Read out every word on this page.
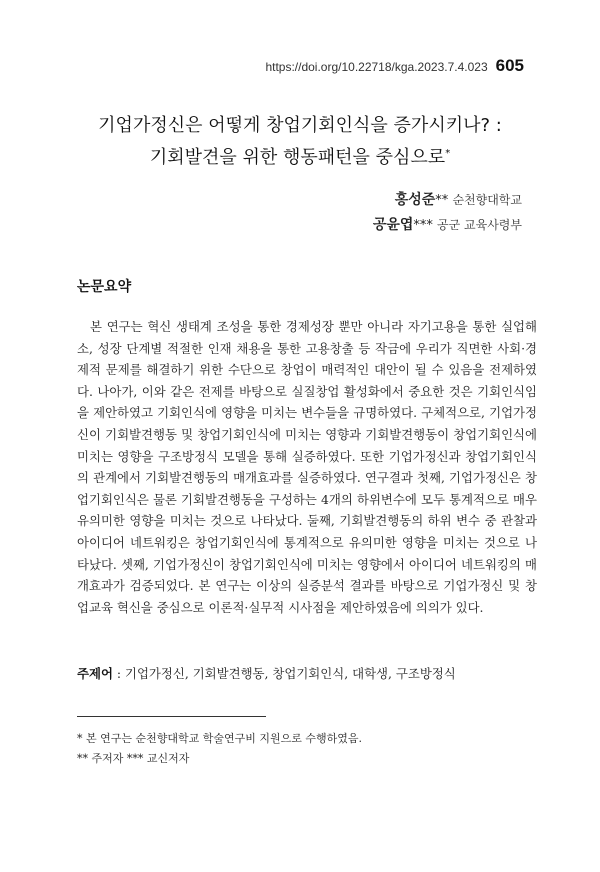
https://doi.org/10.22718/kga.2023.7.4.023 605
기업가정신은 어떻게 창업기회인식을 증가시키나? :
기회발견을 위한 행동패턴을 중심으로*
홍성준** 순천향대학교
공윤엽*** 공군 교육사령부
논문요약
본 연구는 혁신 생태계 조성을 통한 경제성장 뿐만 아니라 자기고용을 통한 실업해소, 성장 단계별 적절한 인재 채용을 통한 고용창출 등 작금에 우리가 직면한 사회·경제적 문제를 해결하기 위한 수단으로 창업이 매력적인 대안이 될 수 있음을 전제하였다. 나아가, 이와 같은 전제를 바탕으로 실질창업 활성화에서 중요한 것은 기회인식임을 제안하였고 기회인식에 영향을 미치는 변수들을 규명하였다. 구체적으로, 기업가정신이 기회발견행동 및 창업기회인식에 미치는 영향과 기회발견행동이 창업기회인식에 미치는 영향을 구조방정식 모델을 통해 실증하였다. 또한 기업가정신과 창업기회인식의 관계에서 기회발견행동의 매개효과를 실증하였다. 연구결과 첫째, 기업가정신은 창업기회인식은 물론 기회발견행동을 구성하는 4개의 하위변수에 모두 통계적으로 매우 유의미한 영향을 미치는 것으로 나타났다. 둘째, 기회발견행동의 하위 변수 중 관찰과 아이디어 네트워킹은 창업기회인식에 통계적으로 유의미한 영향을 미치는 것으로 나타났다. 셋째, 기업가정신이 창업기회인식에 미치는 영향에서 아이디어 네트워킹의 매개효과가 검증되었다. 본 연구는 이상의 실증분석 결과를 바탕으로 기업가정신 및 창업교육 혁신을 중심으로 이론적·실무적 시사점을 제안하였음에 의의가 있다.
주제어 : 기업가정신, 기회발견행동, 창업기회인식, 대학생, 구조방정식
* 본 연구는 순천향대학교 학술연구비 지원으로 수행하였음.
** 주저자 *** 교신저자
